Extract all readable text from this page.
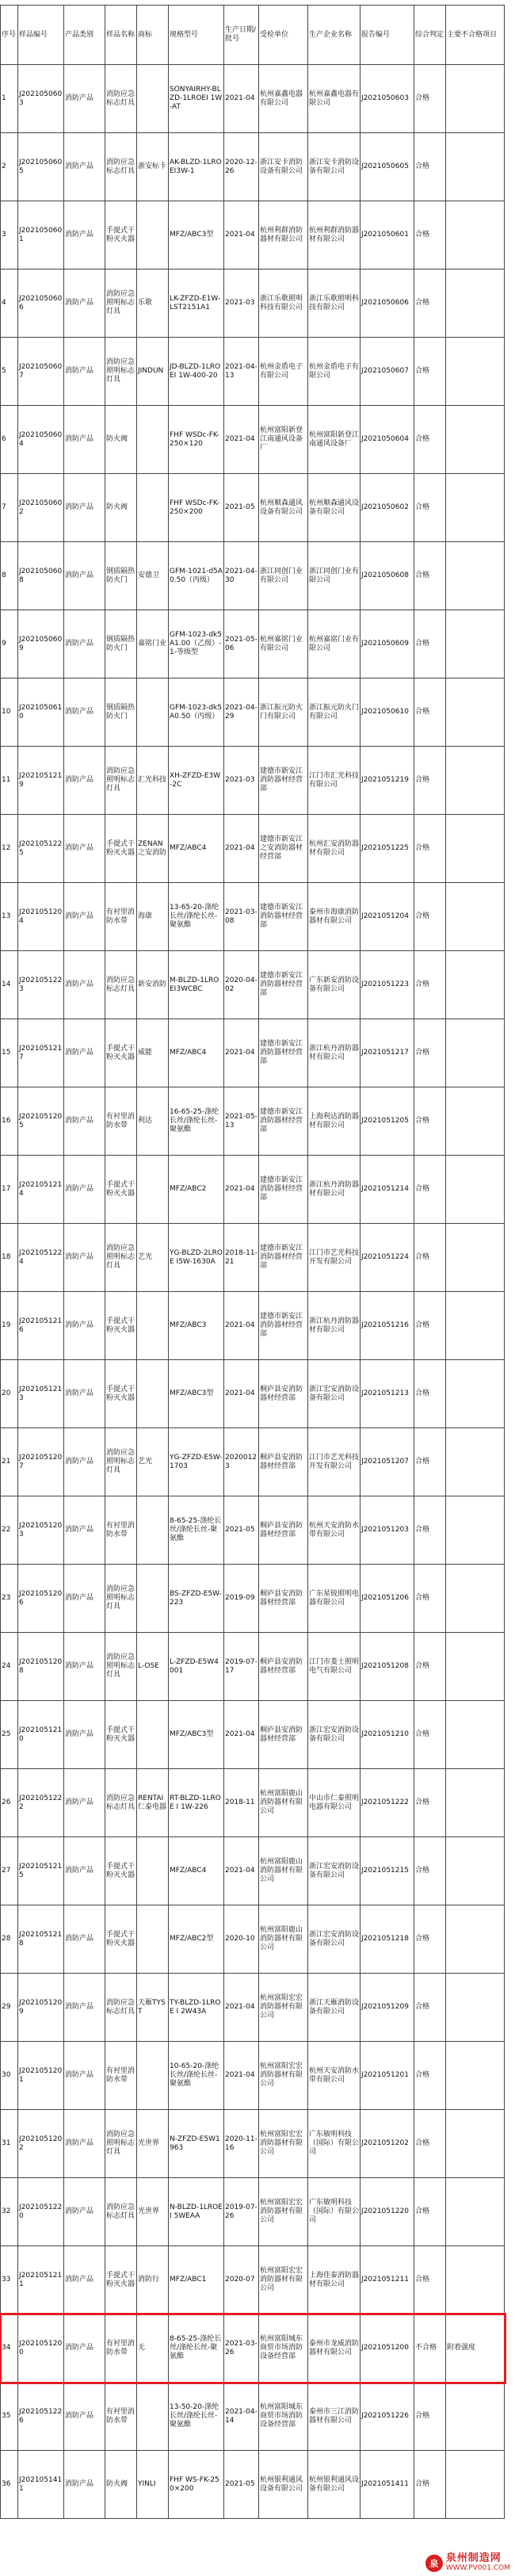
序号	样品编号	产品类别	样品名称	商标	规格型号	生产日期/批号	受检单位	生产企业名称	报告编号	综合判定	主要不合格项目
1	J2021050603	消防产品	消防应急标志灯具		SONYAIRHY-BLZD-1LROEI 1W-AT	2021-04	杭州嘉鑫电器有限公司	杭州嘉鑫电器有限公司	J2021050603	合格	
2	J2021050605	消防产品	消防应急标志灯具	浙安标卡	AK-BLZD-1LROEI3W-1	2020-12-26	浙江安卡消防设备有限公司	浙江安卡消防设备有限公司	J2021050605	合格	
3	J2021050601	消防产品	手提式干粉灭火器		MFZ/ABC3型	2021-04	杭州利群消防器材有限公司	杭州利群消防器材有限公司	J2021050601	合格	
4	J2021050606	消防产品	消防应急照明标志灯具	乐歌	LK-ZFZD-E1W-LST2151A1	2021-03	浙江乐歌照明科技有限公司	浙江乐歌照明科技有限公司	J2021050606	合格	
5	J2021050607	消防产品	消防应急照明标志灯具	JINDUN	JD-BLZD-1LROEI 1W-400-20	2021-04-13	杭州金盾电子有限公司	杭州金盾电子有限公司	J2021050607	合格	
6	J2021050604	消防产品	防火阀		FHF WSDc-FK-250×120	2021-04	杭州富阳新登江南通风设备厂	杭州富阳新登江南通风设备厂	J2021050604	合格	
7	J2021050602	消防产品	防火阀		FHF WSDc-FK-250×200	2021-05	杭州顺森通风设备有限公司	杭州顺森通风设备有限公司	J2021050602	合格	
8	J2021050608	消防产品	钢质隔热防火门	安德卫	GFM-1021-d5A0.50（丙级）	2021-04-30	浙江同创门业有限公司	浙江同创门业有限公司	J2021050608	合格	
9	J2021050609	消防产品	钢质隔热防火门	嘉铭门业	GFM-1023-dk5A1.00（乙级）-1-等级型	2021-05-06	杭州嘉铭门业有限公司	杭州嘉铭门业有限公司	J2021050609	合格	
10	J2021050610	消防产品	钢质隔热防火门		GFM-1023-dk5A0.50（丙级）	2021-04-29	浙江振元防火门有限公司	浙江振元防火门有限公司	J2021050610	合格	
11	J2021051219	消防产品	消防应急照明标志灯具	汇光科技	XH-ZFZD-E3W-2C	2021-03	建德市新安江消防器材经营部	江门市汇光科技有限公司	J2021051219	合格	
12	J2021051225	消防产品	手提式干粉灭火器	ZENAN之安消防	MFZ/ABC4	2021-04	建德市新安江之安消防器材经营部	杭州汇安消防器材有限公司	J2021051225	合格	
13	J2021051204	消防产品	有衬里消防水带	海康	13-65-20-涤纶长丝/涤纶长丝-聚氨酯	2021-03-08	建德市新安江消防器材经营部	泰州市海康消防器材有限公司	J2021051204	合格	
14	J2021051223	消防产品	消防应急标志灯具	新安消防	M-BLZD-1LROEI3WCBC	2020-04-02	建德市新安江消防器材经营部	广东新安消防设备有限公司	J2021051223	合格	
15	J2021051217	消防产品	手提式干粉灭火器	威能	MFZ/ABC4	2021-04	建德市新安江消防器材经营部	浙江杭丹消防器材有限公司	J2021051217	合格	
16	J2021051205	消防产品	有衬里消防水带	利达	16-65-25-涤纶长丝/涤纶长丝-聚氨酯	2021-05-13	建德市新安江消防器材经营部	上海利达消防器材有限公司	J2021051205	合格	
17	J2021051214	消防产品	手提式干粉灭火器		MFZ/ABC2	2021-04	建德市新安江消防器材经营部	浙江杭丹消防器材有限公司	J2021051214	合格	
18	J2021051224	消防产品	消防应急照明标志灯具	艺光	YG-BLZD-2LROE I5W-1630A	2018-11-21	建德市新安江消防器材经营部	江门市艺光科技开发有限公司	J2021051224	合格	
19	J2021051216	消防产品	手提式干粉灭火器		MFZ/ABC3	2021-04	建德市新安江消防器材经营部	浙江杭丹消防器材有限公司	J2021051216	合格	
20	J2021051213	消防产品	手提式干粉灭火器		MFZ/ABC3型	2021-04	桐庐县安消防器材经营部	浙江宏安消防设备有限公司	J2021051213	合格	
21	J2021051207	消防产品	消防应急照明标志灯具	艺光	YG-ZFZD-E5W-1703	20200123	桐庐县安消防器材经营部	江门市艺光科技开发有限公司	J2021051207	合格	
22	J2021051203	消防产品	有衬里消防水带		8-65-25-涤纶长丝/涤纶长丝-聚氨酯	2021-05	桐庐县安消防器材经营部	杭州天安消防水带有限公司	J2021051203	合格	
23	J2021051206	消防产品	消防应急照明标志灯具		BS-ZFZD-E5W-223	2019-09	桐庐县安消防器材经营部	广东星锐照明电器有限公司	J2021051206	合格	
24	J2021051208	消防产品	消防应急照明标志灯具	L-OSE	L-ZFZD-E5W4001	2019-07-17	桐庐县安消防器材经营部	江门市菱士照明电气有限公司	J2021051208	合格	
25	J2021051210	消防产品	手提式干粉灭火器		MFZ/ABC3型	2021-04	桐庐县安消防器材经营部	浙江宏安消防设备有限公司	J2021051210	合格	
26	J2021051222	消防产品	消防应急标志灯具	RENTAI仁泰电器	RT-BLZD-1LROE I 1W-226	2018-11	杭州富阳鹿山消防器材有限公司	中山市仁泰照明电器有限公司	J2021051222	合格	
27	J2021051215	消防产品	手提式干粉灭火器		MFZ/ABC4	2021-04	杭州富阳鹿山消防器材有限公司	浙江宏安消防设备有限公司	J2021051215	合格	
28	J2021051218	消防产品	手提式干粉灭火器		MFZ/ABC2型	2020-10	杭州富阳鹿山消防器材有限公司	浙江宏安消防设备有限公司	J2021051218	合格	
29	J2021051209	消防产品	消防应急标志灯具	天雁TYST	TY-BLZD-1LROE I 2W43A	2021-04	杭州富阳宏宏消防器材有限公司	浙江天雁消防设备有限公司	J2021051209	合格	
30	J2021051201	消防产品	有衬里消防水带		10-65-20-涤纶长丝/涤纶长丝-聚氨酯	2021-04	杭州富阳宏宏消防器材有限公司	杭州天安消防水带有限公司	J2021051201	合格	
31	J2021051202	消防产品	消防应急照明标志灯具	光世界	N-ZFZD-E5W1963	2020-11-16	杭州富阳宏宏消防器材有限公司	广东敏明科技（国际）有限公司	J2021051202	合格	
32	J2021051220	消防产品	消防应急标志灯具	光世界	N-BLZD-1LROEI 5WEAA	2019-07-26	杭州富阳宏宏消防器材有限公司	广东敏明科技（国际）有限公司	J2021051220	合格	
33	J2021051211	消防产品	手提式干粉灭火器	消防行	MFZ/ABC1	2020-07	杭州富阳宏宏消防器材有限公司	上海佳泰消防器材有限公司	J2021051211	合格	
34	J2021051200	消防产品	有衬里消防水带	无	8-65-25-涤纶长丝/涤纶长丝-聚氨酯	2021-03-26	杭州富阳城东商贸市场消防设备经营部	泰州市龙威消防器材有限公司	J2021051200	不合格	附着强度
35	J2021051226	消防产品	有衬里消防水带		13-50-20-涤纶长丝/涤纶长丝-聚氨酯	2021-04-14	杭州富阳城东商贸市场消防设备经营部	泰州市三江消防器材有限公司	J2021051226	合格	
36	J2021051411	消防产品	防火阀	YINLI	FHF WS-FK-250×200	2021-05	杭州银利通风设备有限公司	杭州银利通风设备有限公司	J2021051411	合格	
泉 泉州制造网
WWW.PV001.COM
